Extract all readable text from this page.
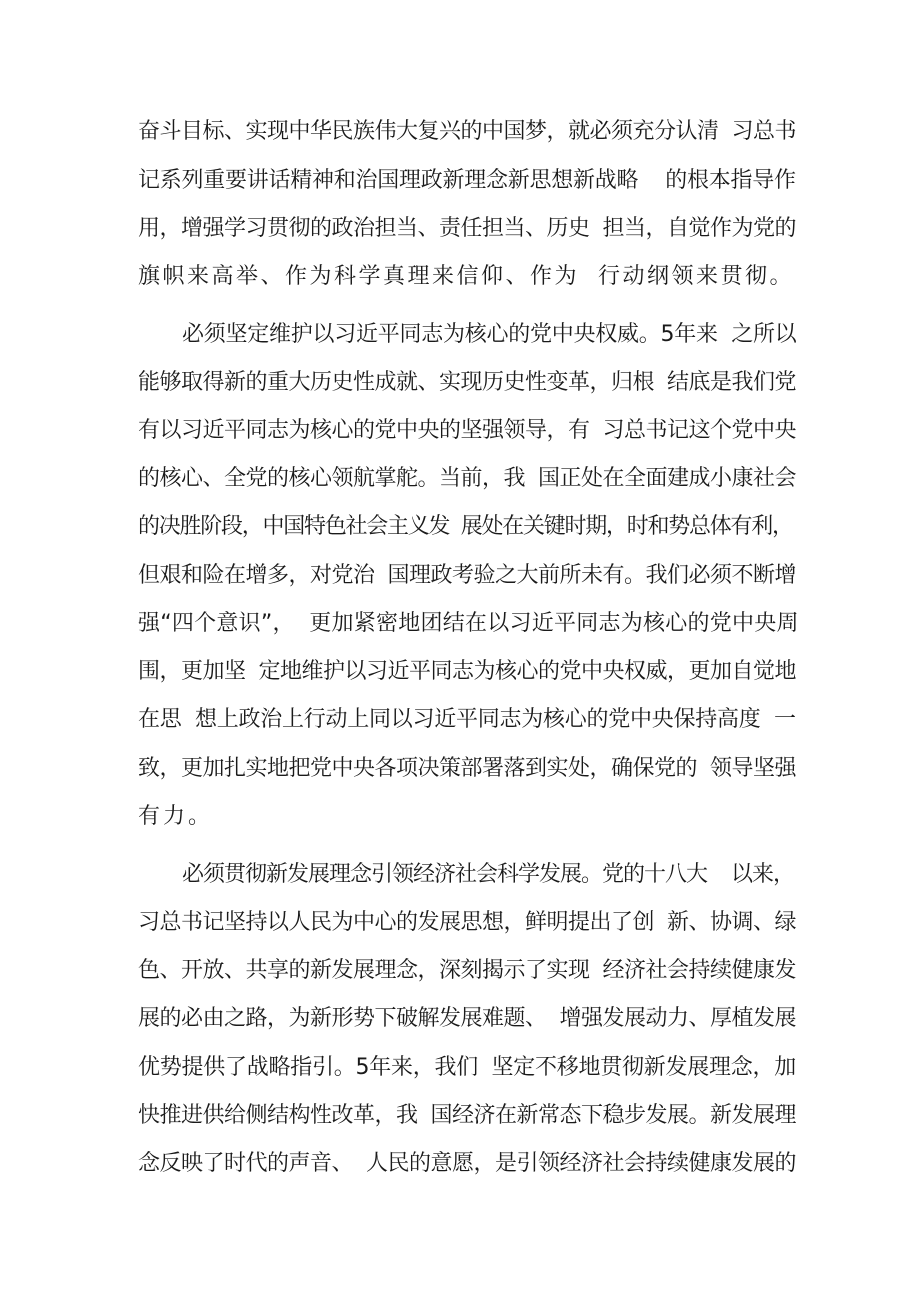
奋斗目标、实现中华民族伟大复兴的中国梦，就必须充分认清  习总书
记系列重要讲话精神和治国理政新理念新思想新战略    的根本指导作
用，增强学习贯彻的政治担当、责任担当、历史  担当，自觉作为党的
旗帜来高举、作为科学真理来信仰、作为  行动纲领来贯彻。
必须坚定维护以习近平同志为核心的党中央权威。5年来  之所以
能够取得新的重大历史性成就、实现历史性变革，归根  结底是我们党
有以习近平同志为核心的党中央的坚强领导，有  习总书记这个党中央
的核心、全党的核心领航掌舵。当前，我  国正处在全面建成小康社会
的决胜阶段，中国特色社会主义发  展处在关键时期，时和势总体有利，
但艰和险在增多，对党治  国理政考验之大前所未有。我们必须不断增
强“四个意识”，  更加紧密地团结在以习近平同志为核心的党中央周
围，更加坚  定地维护以习近平同志为核心的党中央权威，更加自觉地
在思  想上政治上行动上同以习近平同志为核心的党中央保持高度  一
致，更加扎实地把党中央各项决策部署落到实处，确保党的  领导坚强
有力。
必须贯彻新发展理念引领经济社会科学发展。党的十八大    以来，
习总书记坚持以人民为中心的发展思想，鲜明提出了创  新、协调、绿
色、开放、共享的新发展理念，深刻揭示了实现  经济社会持续健康发
展的必由之路，为新形势下破解发展难题、  增强发展动力、厚植发展
优势提供了战略指引。5年来，我们  坚定不移地贯彻新发展理念，加
快推进供给侧结构性改革，我  国经济在新常态下稳步发展。新发展理
念反映了时代的声音、  人民的意愿，是引领经济社会持续健康发展的
